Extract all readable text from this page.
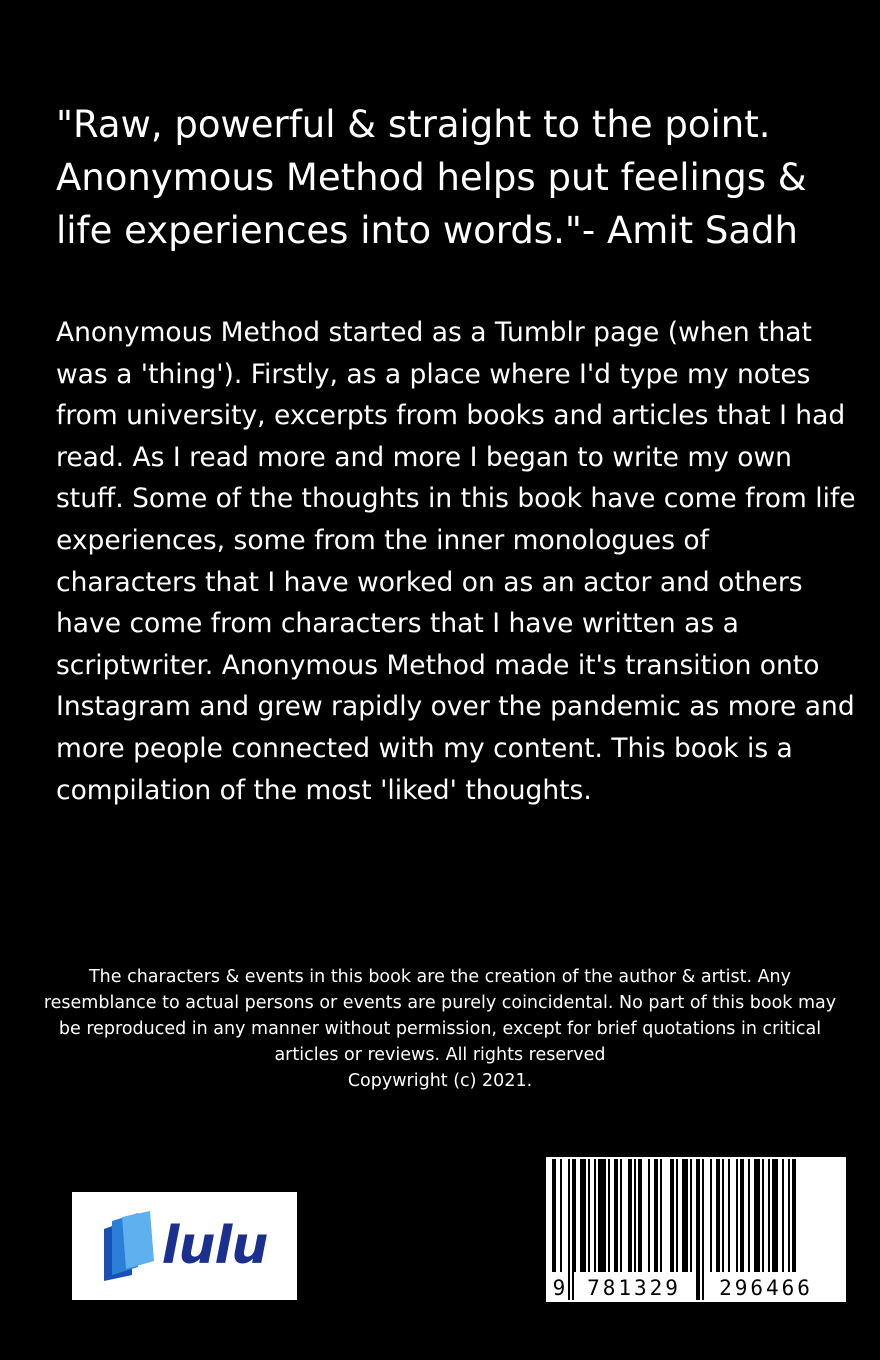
"Raw, powerful & straight to the point. Anonymous Method helps put feelings & life experiences into words."- Amit Sadh

Anonymous Method started as a Tumblr page (when that was a 'thing'). Firstly, as a place where I'd type my notes from university, excerpts from books and articles that I had read. As I read more and more I began to write my own stuff. Some of the thoughts in this book have come from life experiences, some from the inner monologues of characters that I have worked on as an actor and others have come from characters that I have written as a scriptwriter. Anonymous Method made it's transition onto Instagram and grew rapidly over the pandemic as more and more people connected with my content. This book is a compilation of the most 'liked' thoughts.

The characters & events in this book are the creation of the author & artist. Any resemblance to actual persons or events are purely coincidental. No part of this book may be reproduced in any manner without permission, except for brief quotations in critical articles or reviews. All rights reserved
Copywright (c) 2021.

lulu
9 781329 296466
